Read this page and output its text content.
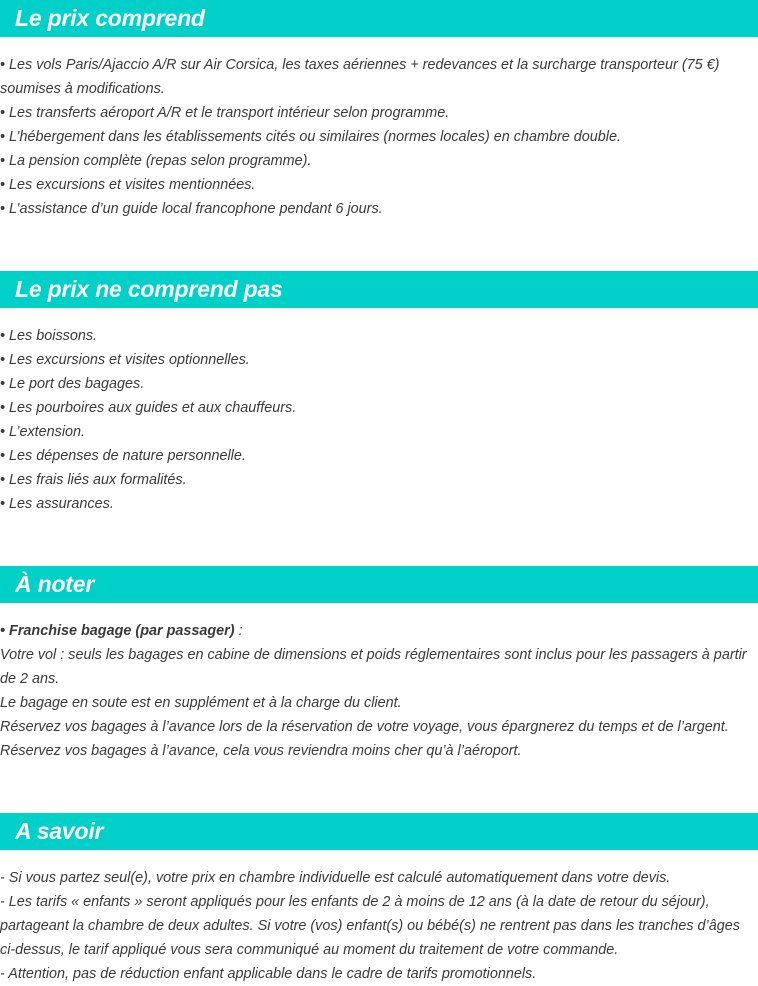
Le prix comprend

• Les vols Paris/Ajaccio A/R sur Air Corsica, les taxes aériennes + redevances et la surcharge transporteur (75 €) soumises à modifications.

• Les transferts aéroport A/R et le transport intérieur selon programme.

• L’hébergement dans les établissements cités ou similaires (normes locales) en chambre double.

• La pension complète (repas selon programme).

• Les excursions et visites mentionnées.

• L’assistance d’un guide local francophone pendant 6 jours.

Le prix ne comprend pas

• Les boissons.

• Les excursions et visites optionnelles.

• Le port des bagages.

• Les pourboires aux guides et aux chauffeurs.

• L’extension.

• Les dépenses de nature personnelle.

• Les frais liés aux formalités.

• Les assurances.

À noter

• Franchise bagage (par passager) :

Votre vol : seuls les bagages en cabine de dimensions et poids réglementaires sont inclus pour les passagers à partir de 2 ans.

Le bagage en soute est en supplément et à la charge du client.

Réservez vos bagages à l’avance lors de la réservation de votre voyage, vous épargnerez du temps et de l’argent.

Réservez vos bagages à l’avance, cela vous reviendra moins cher qu’à l’aéroport.

A savoir

- Si vous partez seul(e), votre prix en chambre individuelle est calculé automatiquement dans votre devis.

- Les tarifs « enfants » seront appliqués pour les enfants de 2 à moins de 12 ans (à la date de retour du séjour), partageant la chambre de deux adultes. Si votre (vos) enfant(s) ou bébé(s) ne rentrent pas dans les tranches d’âges ci-dessus, le tarif appliqué vous sera communiqué au moment du traitement de votre commande.

- Attention, pas de réduction enfant applicable dans le cadre de tarifs promotionnels.
